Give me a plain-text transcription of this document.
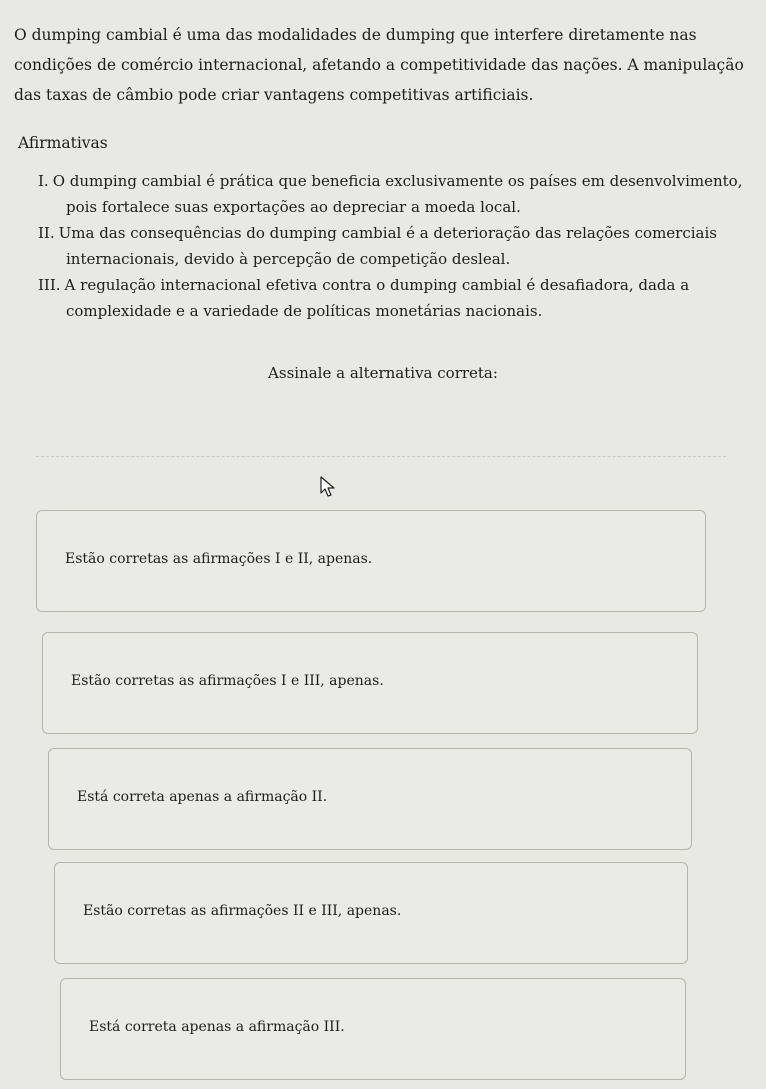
O dumping cambial é uma das modalidades de dumping que interfere diretamente nas condições de comércio internacional, afetando a competitividade das nações. A manipulação das taxas de câmbio pode criar vantagens competitivas artificiais.

Afirmativas

I. O dumping cambial é prática que beneficia exclusivamente os países em desenvolvimento, pois fortalece suas exportações ao depreciar a moeda local.
II. Uma das consequências do dumping cambial é a deterioração das relações comerciais internacionais, devido à percepção de competição desleal.
III. A regulação internacional efetiva contra o dumping cambial é desafiadora, dada a complexidade e a variedade de políticas monetárias nacionais.

Assinale a alternativa correta:

Estão corretas as afirmações I e II, apenas.
Estão corretas as afirmações I e III, apenas.
Está correta apenas a afirmação II.
Estão corretas as afirmações II e III, apenas.
Está correta apenas a afirmação III.
